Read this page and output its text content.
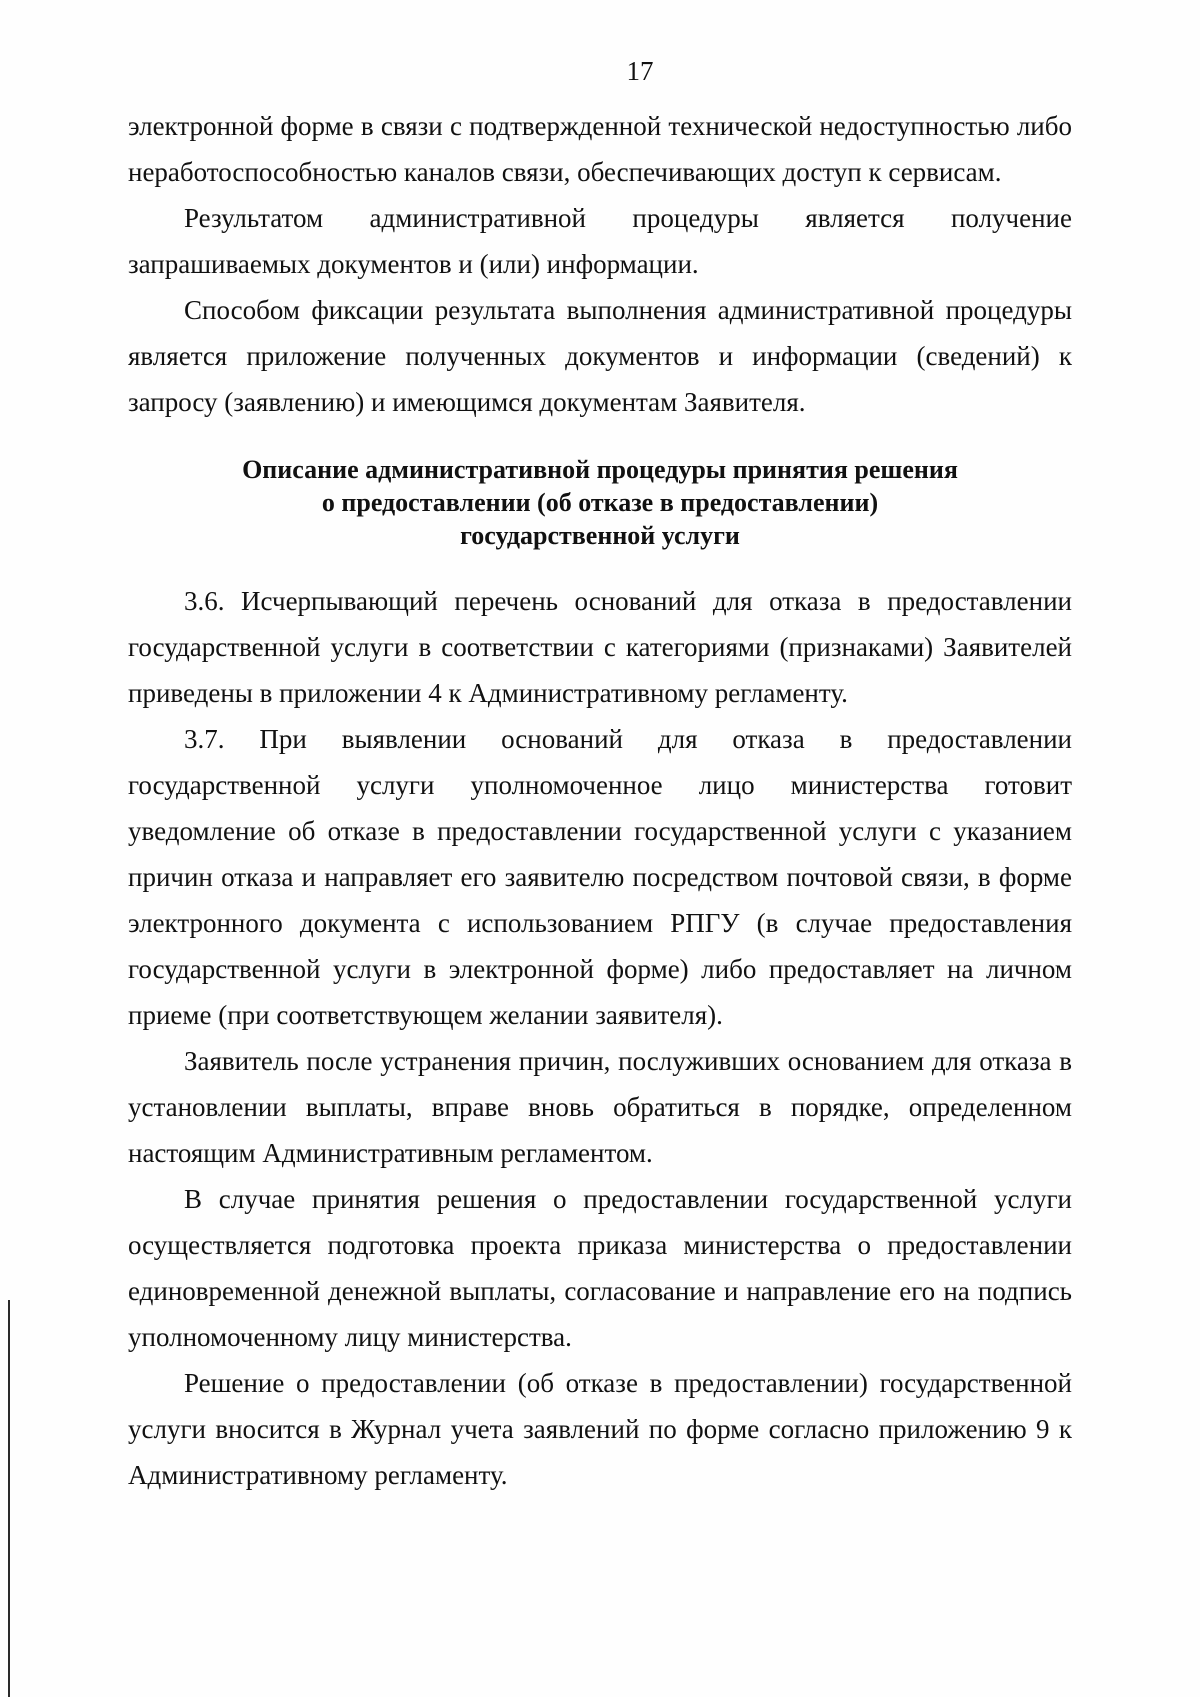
17

электронной форме в связи с подтвержденной технической недоступностью либо неработоспособностью каналов связи, обеспечивающих доступ к сервисам.

Результатом административной процедуры является получение запрашиваемых документов и (или) информации.

Способом фиксации результата выполнения административной процедуры является приложение полученных документов и информации (сведений) к запросу (заявлению) и имеющимся документам Заявителя.

Описание административной процедуры принятия решения
о предоставлении (об отказе в предоставлении)
государственной услуги

3.6. Исчерпывающий перечень оснований для отказа в предоставлении государственной услуги в соответствии с категориями (признаками) Заявителей приведены в приложении 4 к Административному регламенту.

3.7. При выявлении оснований для отказа в предоставлении государственной услуги уполномоченное лицо министерства готовит уведомление об отказе в предоставлении государственной услуги с указанием причин отказа и направляет его заявителю посредством почтовой связи, в форме электронного документа с использованием РПГУ (в случае предоставления государственной услуги в электронной форме) либо предоставляет на личном приеме (при соответствующем желании заявителя).

Заявитель после устранения причин, послуживших основанием для отказа в установлении выплаты, вправе вновь обратиться в порядке, определенном настоящим Административным регламентом.

В случае принятия решения о предоставлении государственной услуги осуществляется подготовка проекта приказа министерства о предоставлении единовременной денежной выплаты, согласование и направление его на подпись уполномоченному лицу министерства.

Решение о предоставлении (об отказе в предоставлении) государственной услуги вносится в Журнал учета заявлений по форме согласно приложению 9 к Административному регламенту.
